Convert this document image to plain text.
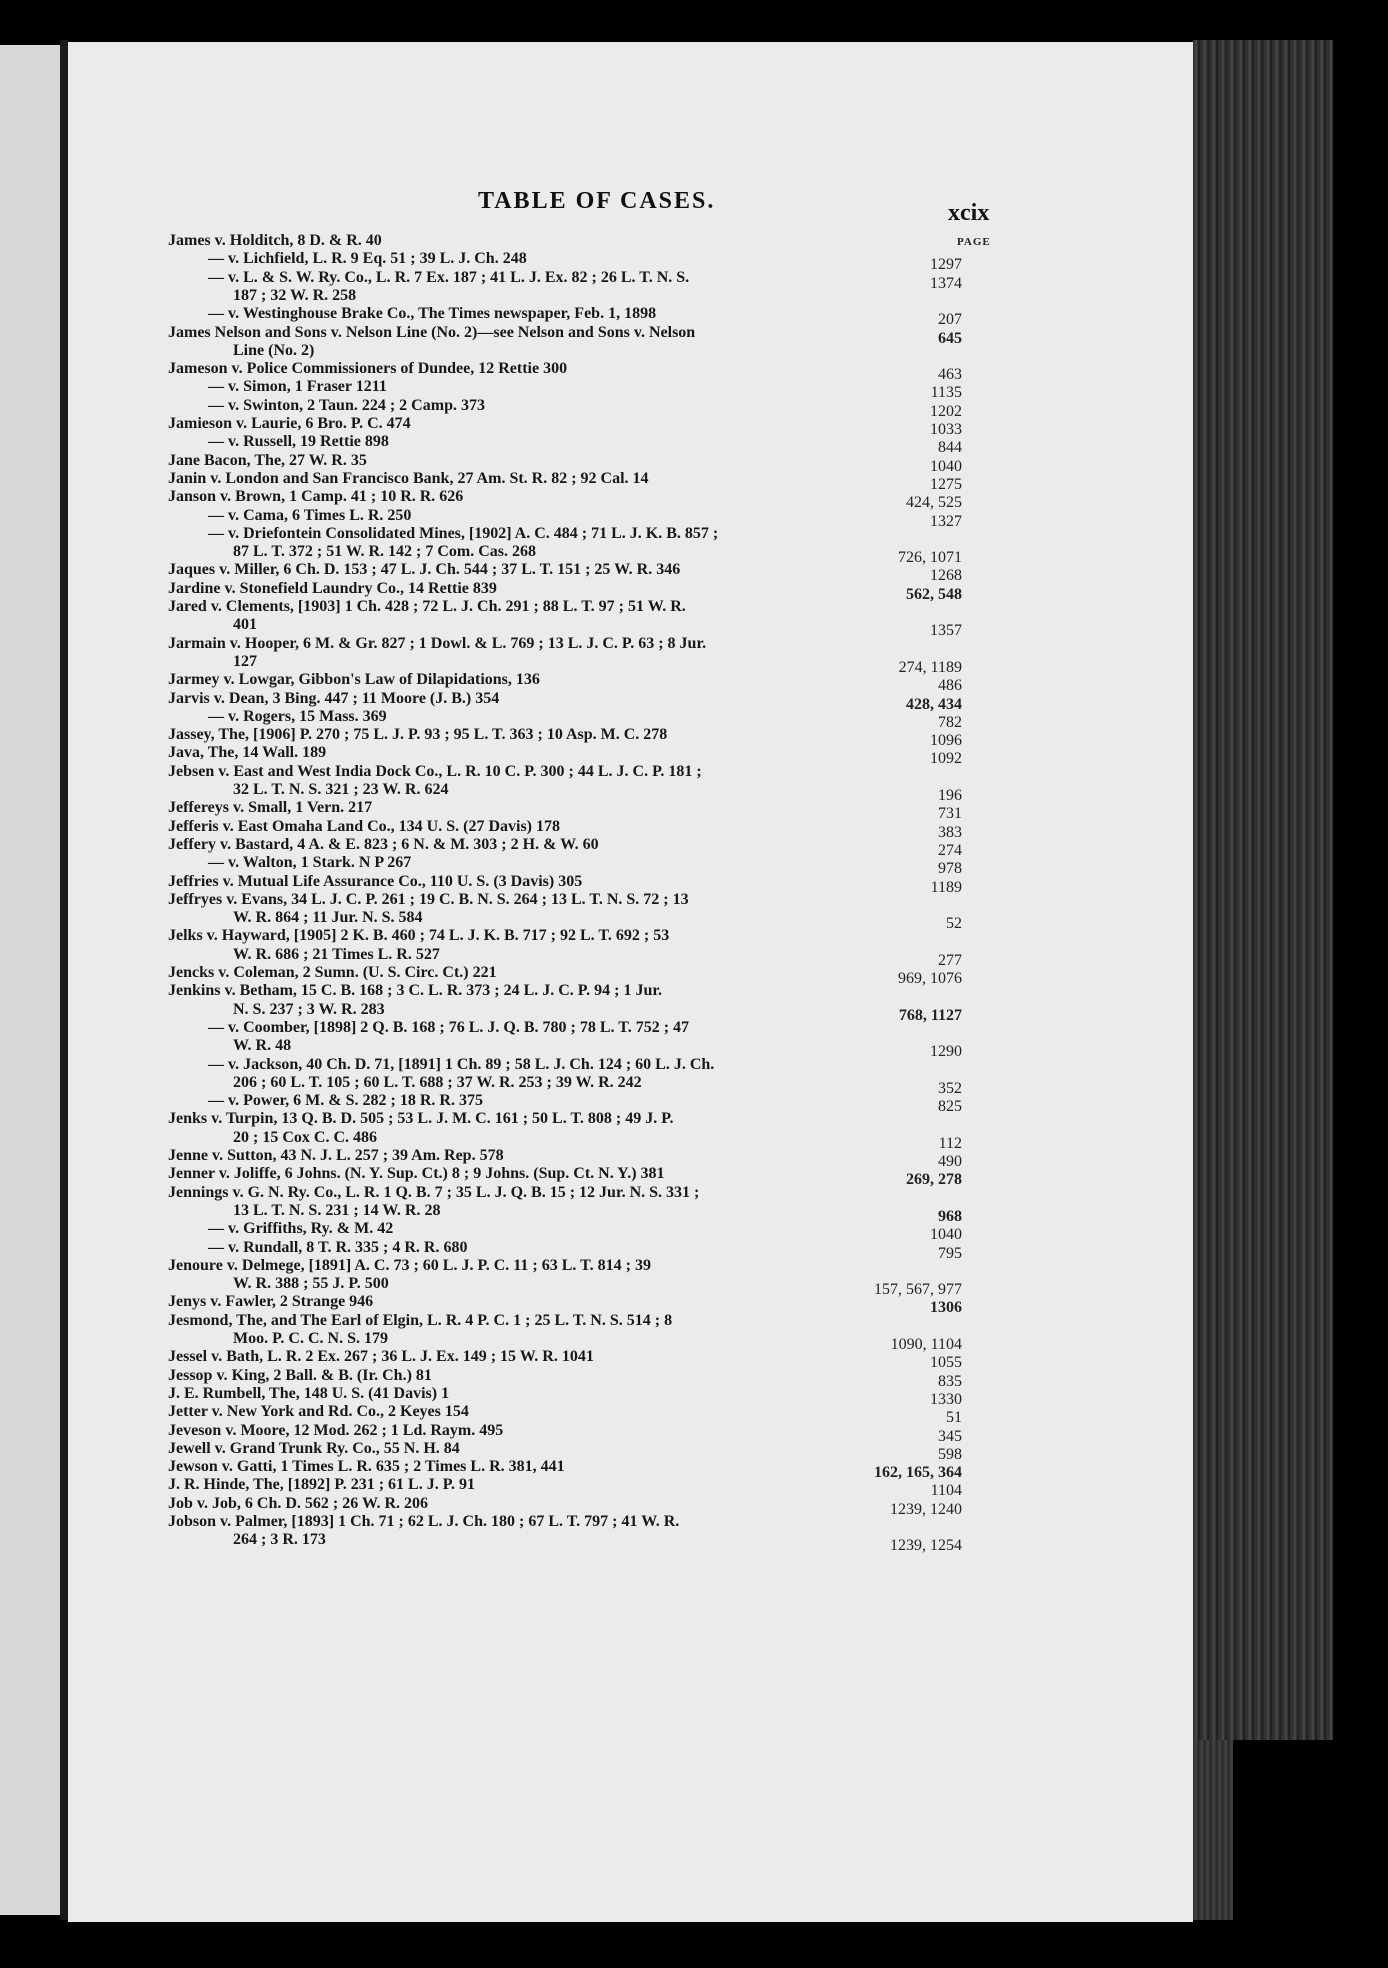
TABLE OF CASES.	xcix
PAGE
James v. Holditch, 8 D. & R. 40
— v. Lichfield, L. R. 9 Eq. 51 ; 39 L. J. Ch. 248	1297
— v. L. & S. W. Ry. Co., L. R. 7 Ex. 187 ; 41 L. J. Ex. 82 ; 26 L. T. N. S.	1374
187 ; 32 W. R. 258
— v. Westinghouse Brake Co., The Times newspaper, Feb. 1, 1898	207
James Nelson and Sons v. Nelson Line (No. 2)—see Nelson and Sons v. Nelson	645
Line (No. 2)
Jameson v. Police Commissioners of Dundee, 12 Rettie 300	463
— v. Simon, 1 Fraser 1211	1135
— v. Swinton, 2 Taun. 224 ; 2 Camp. 373	1202
Jamieson v. Laurie, 6 Bro. P. C. 474	1033
— v. Russell, 19 Rettie 898	844
Jane Bacon, The, 27 W. R. 35	1040
Janin v. London and San Francisco Bank, 27 Am. St. R. 82 ; 92 Cal. 14	1275
Janson v. Brown, 1 Camp. 41 ; 10 R. R. 626	424, 525
— v. Cama, 6 Times L. R. 250	1327
— v. Driefontein Consolidated Mines, [1902] A. C. 484 ; 71 L. J. K. B. 857 ;
87 L. T. 372 ; 51 W. R. 142 ; 7 Com. Cas. 268	726, 1071
Jaques v. Miller, 6 Ch. D. 153 ; 47 L. J. Ch. 544 ; 37 L. T. 151 ; 25 W. R. 346	1268
Jardine v. Stonefield Laundry Co., 14 Rettie 839	562, 548
Jared v. Clements, [1903] 1 Ch. 428 ; 72 L. J. Ch. 291 ; 88 L. T. 97 ; 51 W. R.
401	1357
Jarmain v. Hooper, 6 M. & Gr. 827 ; 1 Dowl. & L. 769 ; 13 L. J. C. P. 63 ; 8 Jur.
127	274, 1189
Jarmey v. Lowgar, Gibbon's Law of Dilapidations, 136	486
Jarvis v. Dean, 3 Bing. 447 ; 11 Moore (J. B.) 354	428, 434
— v. Rogers, 15 Mass. 369	782
Jassey, The, [1906] P. 270 ; 75 L. J. P. 93 ; 95 L. T. 363 ; 10 Asp. M. C. 278	1096
Java, The, 14 Wall. 189	1092
Jebsen v. East and West India Dock Co., L. R. 10 C. P. 300 ; 44 L. J. C. P. 181 ;
32 L. T. N. S. 321 ; 23 W. R. 624	196
Jeffereys v. Small, 1 Vern. 217	731
Jefferis v. East Omaha Land Co., 134 U. S. (27 Davis) 178	383
Jeffery v. Bastard, 4 A. & E. 823 ; 6 N. & M. 303 ; 2 H. & W. 60	274
— v. Walton, 1 Stark. N P 267	978
Jeffries v. Mutual Life Assurance Co., 110 U. S. (3 Davis) 305	1189
Jeffryes v. Evans, 34 L. J. C. P. 261 ; 19 C. B. N. S. 264 ; 13 L. T. N. S. 72 ; 13
W. R. 864 ; 11 Jur. N. S. 584	52
Jelks v. Hayward, [1905] 2 K. B. 460 ; 74 L. J. K. B. 717 ; 92 L. T. 692 ; 53
W. R. 686 ; 21 Times L. R. 527	277
Jencks v. Coleman, 2 Sumn. (U. S. Circ. Ct.) 221	969, 1076
Jenkins v. Betham, 15 C. B. 168 ; 3 C. L. R. 373 ; 24 L. J. C. P. 94 ; 1 Jur.
N. S. 237 ; 3 W. R. 283	768, 1127
— v. Coomber, [1898] 2 Q. B. 168 ; 76 L. J. Q. B. 780 ; 78 L. T. 752 ; 47
W. R. 48	1290
— v. Jackson, 40 Ch. D. 71, [1891] 1 Ch. 89 ; 58 L. J. Ch. 124 ; 60 L. J. Ch.
206 ; 60 L. T. 105 ; 60 L. T. 688 ; 37 W. R. 253 ; 39 W. R. 242	352
— v. Power, 6 M. & S. 282 ; 18 R. R. 375	825
Jenks v. Turpin, 13 Q. B. D. 505 ; 53 L. J. M. C. 161 ; 50 L. T. 808 ; 49 J. P.
20 ; 15 Cox C. C. 486	112
Jenne v. Sutton, 43 N. J. L. 257 ; 39 Am. Rep. 578	490
Jenner v. Joliffe, 6 Johns. (N. Y. Sup. Ct.) 8 ; 9 Johns. (Sup. Ct. N. Y.) 381	269, 278
Jennings v. G. N. Ry. Co., L. R. 1 Q. B. 7 ; 35 L. J. Q. B. 15 ; 12 Jur. N. S. 331 ;
13 L. T. N. S. 231 ; 14 W. R. 28	968
— v. Griffiths, Ry. & M. 42	1040
— v. Rundall, 8 T. R. 335 ; 4 R. R. 680	795
Jenoure v. Delmege, [1891] A. C. 73 ; 60 L. J. P. C. 11 ; 63 L. T. 814 ; 39
W. R. 388 ; 55 J. P. 500	157, 567, 977
Jenys v. Fawler, 2 Strange 946	1306
Jesmond, The, and The Earl of Elgin, L. R. 4 P. C. 1 ; 25 L. T. N. S. 514 ; 8
Moo. P. C. C. N. S. 179	1090, 1104
Jessel v. Bath, L. R. 2 Ex. 267 ; 36 L. J. Ex. 149 ; 15 W. R. 1041	1055
Jessop v. King, 2 Ball. & B. (Ir. Ch.) 81	835
J. E. Rumbell, The, 148 U. S. (41 Davis) 1	1330
Jetter v. New York and Rd. Co., 2 Keyes 154	51
Jeveson v. Moore, 12 Mod. 262 ; 1 Ld. Raym. 495	345
Jewell v. Grand Trunk Ry. Co., 55 N. H. 84	598
Jewson v. Gatti, 1 Times L. R. 635 ; 2 Times L. R. 381, 441	162, 165, 364
J. R. Hinde, The, [1892] P. 231 ; 61 L. J. P. 91	1104
Job v. Job, 6 Ch. D. 562 ; 26 W. R. 206	1239, 1240
Jobson v. Palmer, [1893] 1 Ch. 71 ; 62 L. J. Ch. 180 ; 67 L. T. 797 ; 41 W. R.
264 ; 3 R. 173	1239, 1254
